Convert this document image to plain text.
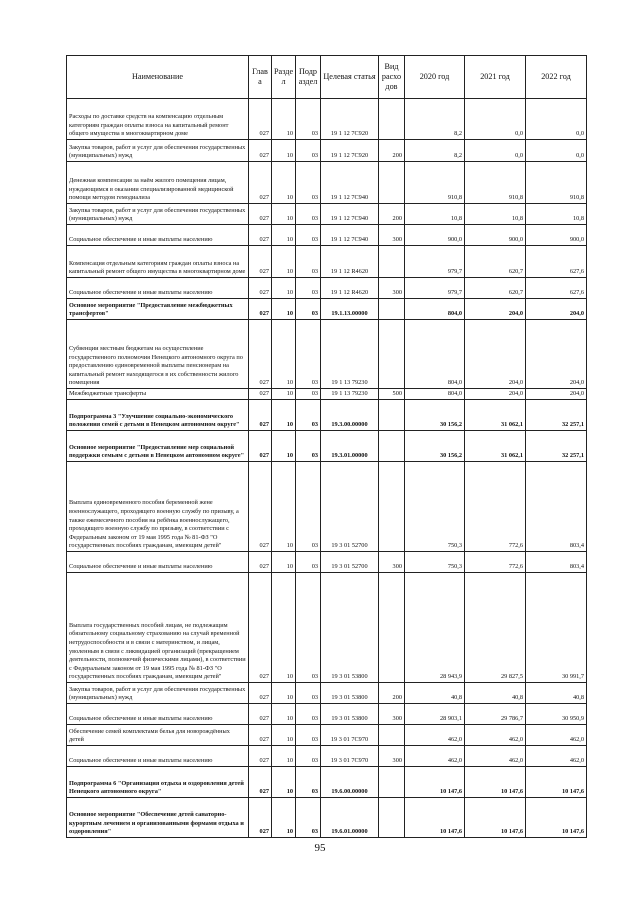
Наименование	Глав а	Разде л	Подр аздел	Целевая статья	Вид расхо дов	2020 год	2021 год	2022 год
Расходы по доставке средств на компенсацию отдельным категориям граждан оплаты взноса на капитальный ремонт общего имущества в многоквартирном доме	027	10	03	19 1 12 7С920		8,2	0,0	0,0
Закупка товаров, работ и услуг для обеспечения государственных (муниципальных) нужд	027	10	03	19 1 12 7С920	200	8,2	0,0	0,0
Денежная компенсация за наём жилого помещения лицам, нуждающимся в оказании специализированной медицинской помощи методом гемодиализа	027	10	03	19 1 12 7С940		910,8	910,8	910,8
Закупка товаров, работ и услуг для обеспечения государственных (муниципальных) нужд	027	10	03	19 1 12 7С940	200	10,8	10,8	10,8
Социальное обеспечение и иные выплаты населению	027	10	03	19 1 12 7С940	300	900,0	900,0	900,0
Компенсация отдельным категориям граждан оплаты взноса на капитальный ремонт общего имущества в многоквартирном доме	027	10	03	19 1 12 R4620		979,7	620,7	627,6
Социальное обеспечение и иные выплаты населению	027	10	03	19 1 12 R4620	300	979,7	620,7	627,6
Основное мероприятие "Предоставление межбюджетных трансфертов"	027	10	03	19.1.13.00000		804,0	204,0	204,0
Субвенции местным бюджетам на осуществление государственного полномочия Ненецкого автономного округа по предоставлению единовременной выплаты пенсионерам на капитальный ремонт находящегося в их собственности жилого помещения	027	10	03	19 1 13 79230		804,0	204,0	204,0
Межбюджетные трансферты	027	10	03	19 1 13 79230	500	804,0	204,0	204,0
Подпрограмма 3 "Улучшение социально-экономического положения семей с детьми в Ненецком автономном округе"	027	10	03	19.3.00.00000		30 156,2	31 062,1	32 257,1
Основное мероприятие "Предоставление мер социальной поддержки семьям с детьми в Ненецком автономном округе"	027	10	03	19.3.01.00000		30 156,2	31 062,1	32 257,1
Выплата единовременного пособия беременной жене военнослужащего, проходящего военную службу по призыву, а также ежемесячного пособия на ребёнка военнослужащего, проходящего военную службу по призыву, в соответствии с Федеральным законом от 19 мая 1995 года № 81-ФЗ "О государственных пособиях гражданам, имеющим детей"	027	10	03	19 3 01 52700		750,3	772,6	803,4
Социальное обеспечение и иные выплаты населению	027	10	03	19 3 01 52700	300	750,3	772,6	803,4
Выплата государственных пособий лицам, не подлежащим обязательному социальному страхованию на случай временной нетрудоспособности и в связи с материнством, и лицам, уволенным в связи с ликвидацией организаций (прекращением деятельности, полномочий физическими лицами), в соответствии с Федеральным законом от 19 мая 1995 года № 81-ФЗ "О государственных пособиях гражданам, имеющим детей"	027	10	03	19 3 01 53800		28 943,9	29 827,5	30 991,7
Закупка товаров, работ и услуг для обеспечения государственных (муниципальных) нужд	027	10	03	19 3 01 53800	200	40,8	40,8	40,8
Социальное обеспечение и иные выплаты населению	027	10	03	19 3 01 53800	300	28 903,1	29 786,7	30 950,9
Обеспечение семей комплектами белья для новорождённых детей	027	10	03	19 3 01 7С970		462,0	462,0	462,0
Социальное обеспечение и иные выплаты населению	027	10	03	19 3 01 7С970	300	462,0	462,0	462,0
Подпрограмма 6 "Организация отдыха и оздоровления детей Ненецкого автономного округа"	027	10	03	19.6.00.00000		10 147,6	10 147,6	10 147,6
Основное мероприятие "Обеспечение детей санаторно-курортным лечением и организованными формами отдыха и оздоровления"	027	10	03	19.6.01.00000		10 147,6	10 147,6	10 147,6
95
